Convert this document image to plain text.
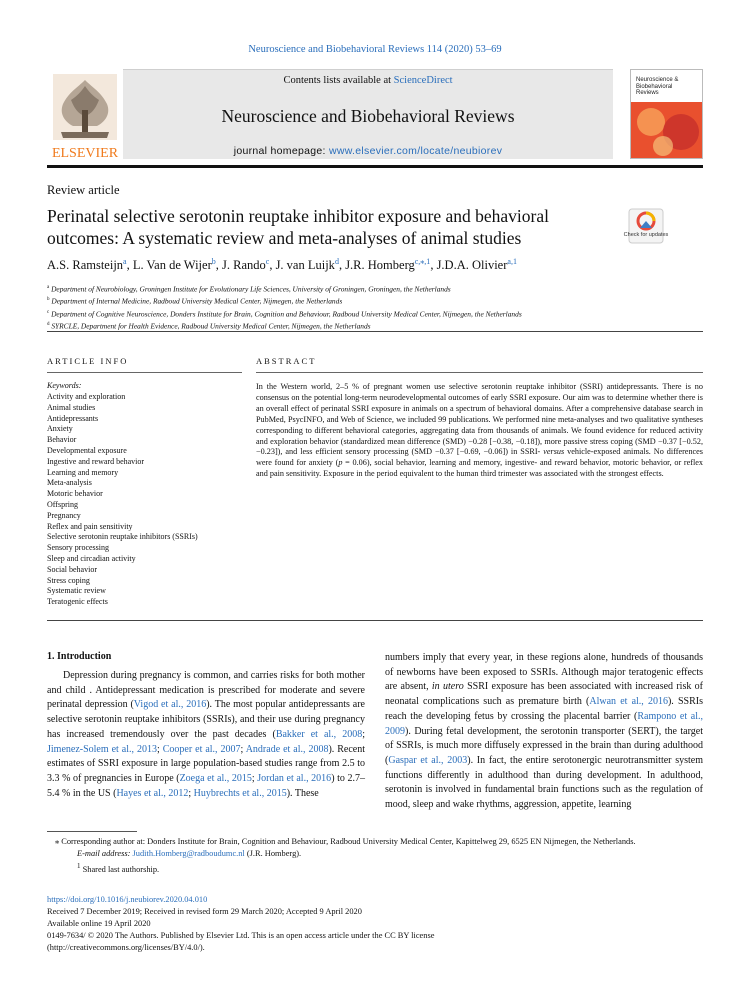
Neuroscience and Biobehavioral Reviews 114 (2020) 53–69
Contents lists available at ScienceDirect
Neuroscience and Biobehavioral Reviews
journal homepage: www.elsevier.com/locate/neubiorev
ELSEVIER
Neuroscience & Biobehavioral Reviews
Review article
Perinatal selective serotonin reuptake inhibitor exposure and behavioral outcomes: A systematic review and meta-analyses of animal studies	Check for updates
A.S. Ramsteijn$^a$, L. Van de Wijer$^b$, J. Rando$^c$, J. van Luijk$^d$, J.R. Homberg$^{c,⁎,1}$, J.D.A. Olivier$^{a,1}$
$^a$ Department of Neurobiology, Groningen Institute for Evolutionary Life Sciences, University of Groningen, Groningen, the Netherlands
$^b$ Department of Internal Medicine, Radboud University Medical Center, Nijmegen, the Netherlands
$^c$ Department of Cognitive Neuroscience, Donders Institute for Brain, Cognition and Behaviour, Radboud University Medical Center, Nijmegen, the Netherlands
$^d$ SYRCLE, Department for Health Evidence, Radboud University Medical Center, Nijmegen, the Netherlands
ARTICLE INFO
Keywords:
Activity and exploration
Animal studies
Antidepressants
Anxiety
Behavior
Developmental exposure
Ingestive and reward behavior
Learning and memory
Meta-analysis
Motoric behavior
Offspring
Pregnancy
Reflex and pain sensitivity
Selective serotonin reuptake inhibitors (SSRIs)
Sensory processing
Sleep and circadian activity
Social behavior
Stress coping
Systematic review
Teratogenic effects
ABSTRACT
In the Western world, 2–5 % of pregnant women use selective serotonin reuptake inhibitor (SSRI) antidepressants. There is no consensus on the potential long-term neurodevelopmental outcomes of early SSRI exposure. Our aim was to determine whether there is an overall effect of perinatal SSRI exposure in animals on a spectrum of behavioral domains. After a comprehensive database search in PubMed, PsycINFO, and Web of Science, we included 99 publications. We performed nine meta-analyses and two qualitative syntheses corresponding to different behavioral categories, aggregating data from thousands of animals. We found evidence for reduced activity and exploration behavior (standardized mean difference (SMD) −0.28 [−0.38, −0.18]), more passive stress coping (SMD −0.37 [−0.52, −0.23]), and less efficient sensory processing (SMD −0.37 [−0.69, −0.06]) in SSRI- versus vehicle-exposed animals. No differences were found for anxiety (p = 0.06), social behavior, learning and memory, ingestive- and reward behavior, motoric behavior, or reflex and pain sensitivity. Exposure in the period equivalent to the human third trimester was associated with the strongest effects.
1. Introduction
Depression during pregnancy is common, and carries risks for both mother and child . Antidepressant medication is prescribed for moderate and severe perinatal depression (Vigod et al., 2016). The most popular antidepressants are selective serotonin reuptake inhibitors (SSRIs), and their use during pregnancy has increased tremendously over the past decades (Bakker et al., 2008; Jimenez-Solem et al., 2013; Cooper et al., 2007; Andrade et al., 2008). Recent estimates of SSRI exposure in large population-based studies range from 2.5 to 3.3 % of pregnancies in Europe (Zoega et al., 2015; Jordan et al., 2016) to 2.7–5.4 % in the US (Hayes et al., 2012; Huybrechts et al., 2015). These
numbers imply that every year, in these regions alone, hundreds of thousands of newborns have been exposed to SSRIs. Although major teratogenic effects are absent, in utero SSRI exposure has been associated with increased risk of neonatal complications such as premature birth (Alwan et al., 2016). SSRIs reach the developing fetus by crossing the placental barrier (Rampono et al., 2009). During fetal development, the serotonin transporter (SERT), the target of SSRIs, is much more diffusely expressed in the brain than during adulthood (Gaspar et al., 2003). In fact, the entire serotonergic neurotransmitter system functions differently in adulthood than during development. In adulthood, serotonin is involved in fundamental brain functions such as the regulation of mood, sleep and wake rhythms, aggression, appetite, learning
⁎ Corresponding author at: Donders Institute for Brain, Cognition and Behaviour, Radboud University Medical Center, Kapittelweg 29, 6525 EN Nijmegen, the Netherlands.
E-mail address: Judith.Homberg@radboudumc.nl (J.R. Homberg).
$^1$ Shared last authorship.
https://doi.org/10.1016/j.neubiorev.2020.04.010
Received 7 December 2019; Received in revised form 29 March 2020; Accepted 9 April 2020
Available online 19 April 2020
0149-7634/ © 2020 The Authors. Published by Elsevier Ltd. This is an open access article under the CC BY license
(http://creativecommons.org/licenses/BY/4.0/).
